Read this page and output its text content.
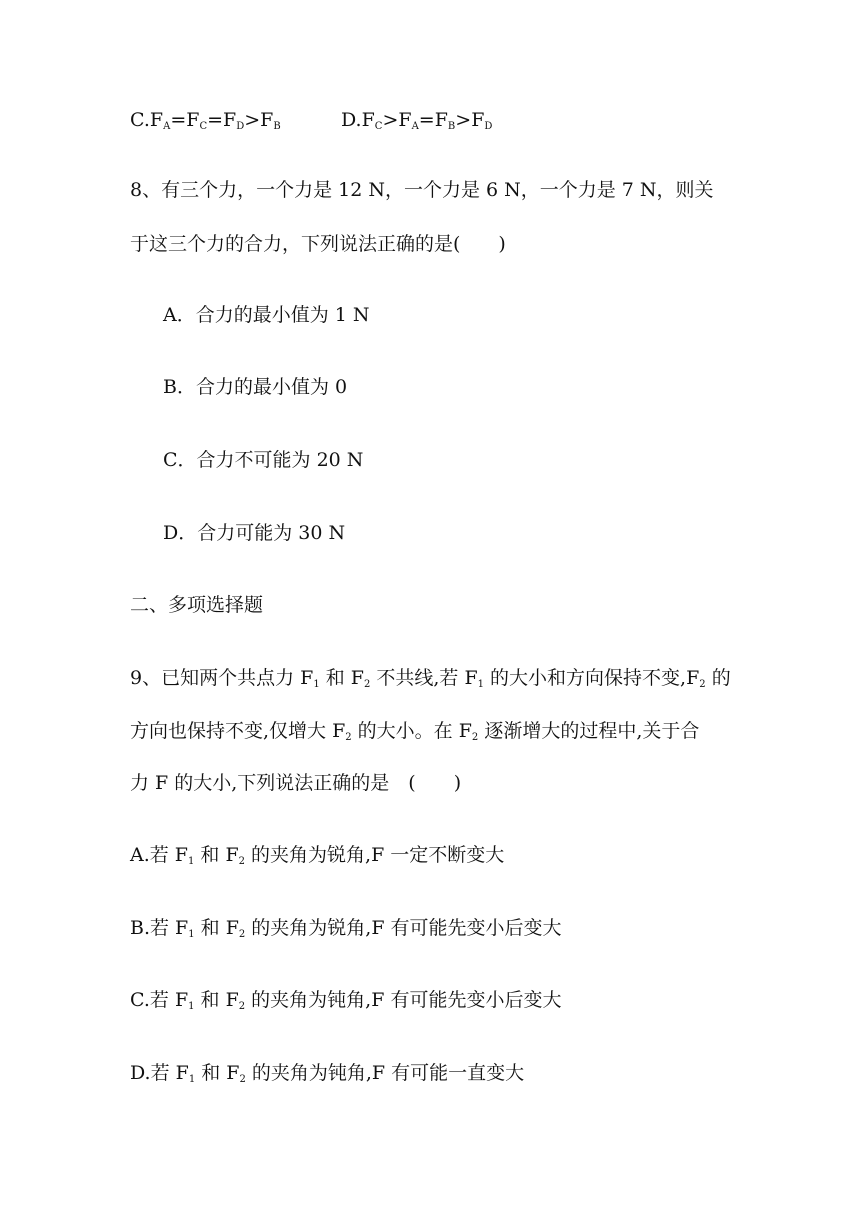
$C.F_A=F_C=F_D>F_B$	$D.F_C>F_A=F_B>F_D$
8、有三个力，一个力是 12 N，一个力是 6 N，一个力是 7 N，则关
于这三个力的合力，下列说法正确的是(　　)
A．合力的最小值为 1 N
B．合力的最小值为 0
C．合力不可能为 20 N
D．合力可能为 30 N
二、多项选择题
9、已知两个共点力 $F_1$ 和 $F_2$ 不共线,若 $F_1$ 的大小和方向保持不变$,F_2$ 的
方向也保持不变,仅增大 $F_2$ 的大小。在 $F_2$ 逐渐增大的过程中,关于合
力 F 的大小,下列说法正确的是　(　　)
A.若 $F_1$ 和 $F_2$ 的夹角为锐角,F 一定不断变大
B.若 $F_1$ 和 $F_2$ 的夹角为锐角,F 有可能先变小后变大
C.若 $F_1$ 和 $F_2$ 的夹角为钝角,F 有可能先变小后变大
D.若 $F_1$ 和 $F_2$ 的夹角为钝角,F 有可能一直变大
